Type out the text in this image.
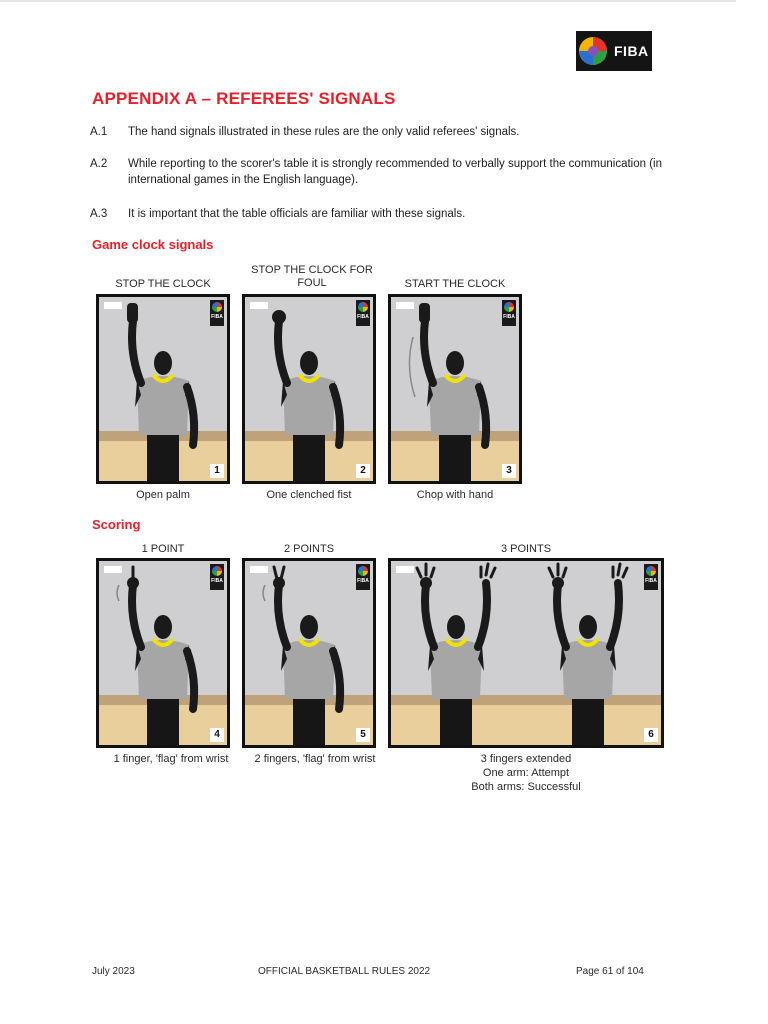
FIBA
APPENDIX A – REFEREES' SIGNALS
A.1	The hand signals illustrated in these rules are the only valid referees' signals.
A.2	While reporting to the scorer's table it is strongly recommended to verbally support the communication (in international games in the English language).
A.3	It is important that the table officials are familiar with these signals.
Game clock signals
STOP THE CLOCK
STOP THE CLOCK FOR FOUL	START THE CLOCK
FIBA
1
FIBA
2
FIBA
3
Open palm	One clenched fist	Chop with hand
Scoring
1 POINT	2 POINTS	3 POINTS
FIBA
4
FIBA
5
FIBA
6
1 finger, 'flag' from wrist	2 fingers, 'flag' from wrist	3 fingers extended
One arm: Attempt
Both arms: Successful
July 2023	OFFICIAL BASKETBALL RULES 2022	Page 61 of 104
